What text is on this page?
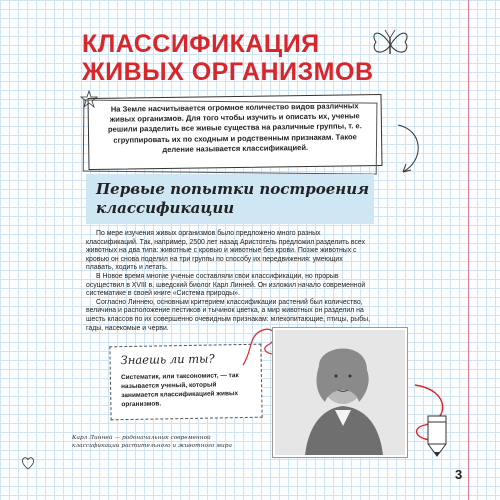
КЛАССИФИКАЦИЯ ЖИВЫХ ОРГАНИЗМОВ
На Земле насчитывается огромное количество видов различных живых организмов. Для того чтобы изучить и описать их, ученые решили разделить все живые существа на различные группы, т. е. сгруппировать их по сходным и родственным признакам. Такое деление называется классификацией.
Первые попытки построения классификации

По мере изучения живых организмов было предложено много разных классификаций. Так, например, 2500 лет назад Аристотель предложил разделить всех животных на два типа: животные с кровью и животные без крови. Позже животных с кровью он снова поделил на три группы по способу их передвижения: умеющих плавать, ходить и летать.

В Новое время многие ученые составляли свои классификации, но прорыв осуществил в XVIII в. шведский биолог Карл Линней. Он изложил начало современной систематике в своей книге «Система природы».

Согласно Линнею, основным критерием классификации растений был количество, величина и расположение пестиков и тычинок цветка, а мир животных он разделил на шесть классов по их совершенно очевидным признакам: млекопитающие, птицы, рыбы, гады, насекомые и черви.

Знаешь ли ты?
Систематик, или таксономист, — так называется ученый, который занимается классификацией живых организмов.
Карл Линней — родоначальник современной классификации растительного и животного мира
3
